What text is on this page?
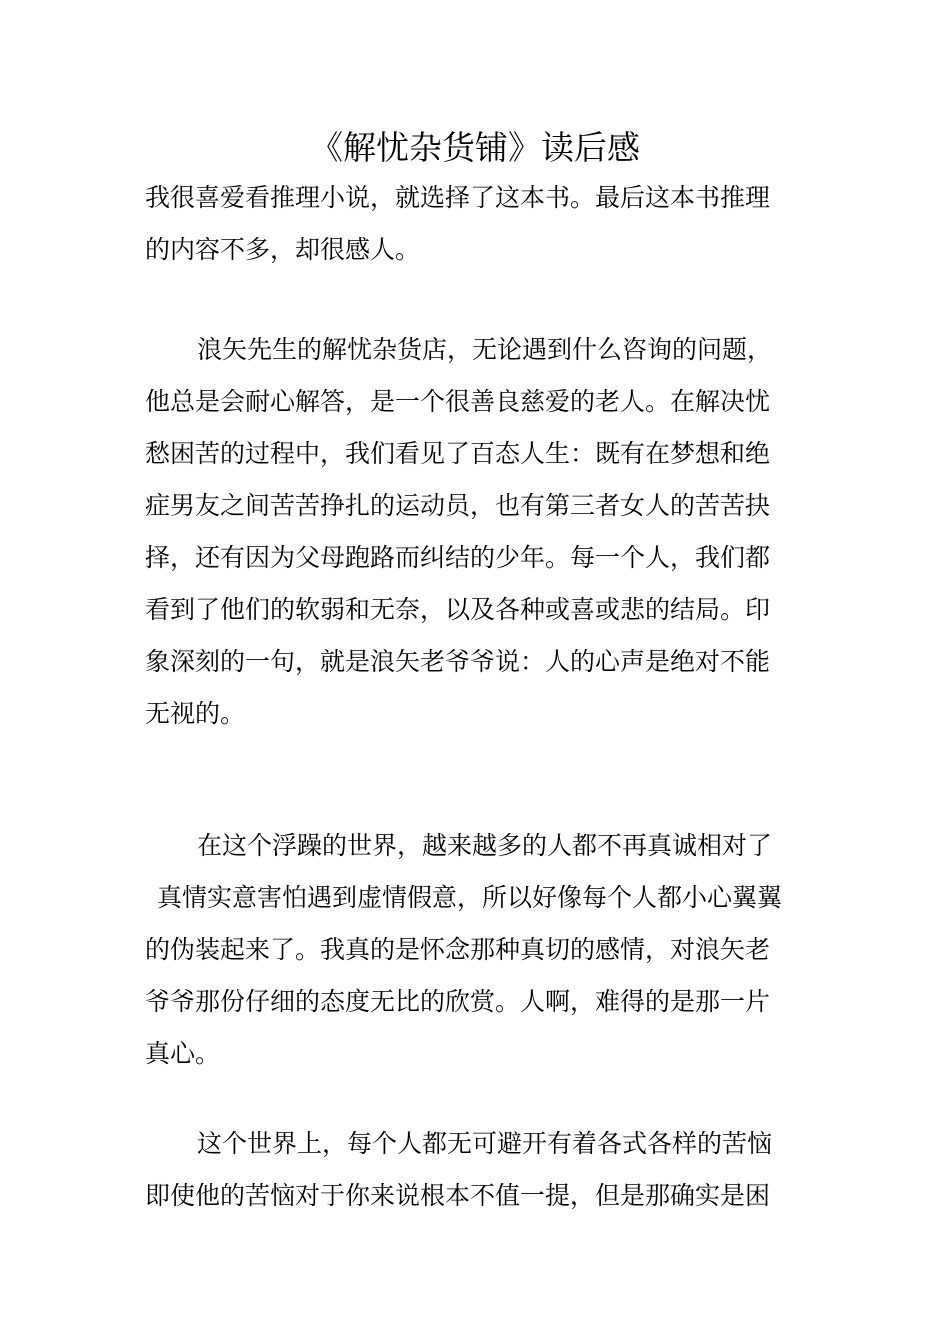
《解忧杂货铺》读后感
我很喜爱看推理小说，就选择了这本书。最后这本书推理
的内容不多，却很感人。
浪矢先生的解忧杂货店，无论遇到什么咨询的问题，
他总是会耐心解答，是一个很善良慈爱的老人。在解决忧
愁困苦的过程中，我们看见了百态人生：既有在梦想和绝
症男友之间苦苦挣扎的运动员，也有第三者女人的苦苦抉
择，还有因为父母跑路而纠结的少年。每一个人，我们都
看到了他们的软弱和无奈，以及各种或喜或悲的结局。印
象深刻的一句，就是浪矢老爷爷说：人的心声是绝对不能
无视的。
在这个浮躁的世界，越来越多的人都不再真诚相对了
真情实意害怕遇到虚情假意，所以好像每个人都小心翼翼
的伪装起来了。我真的是怀念那种真切的感情，对浪矢老
爷爷那份仔细的态度无比的欣赏。人啊，难得的是那一片
真心。
这个世界上，每个人都无可避开有着各式各样的苦恼
即使他的苦恼对于你来说根本不值一提，但是那确实是困
